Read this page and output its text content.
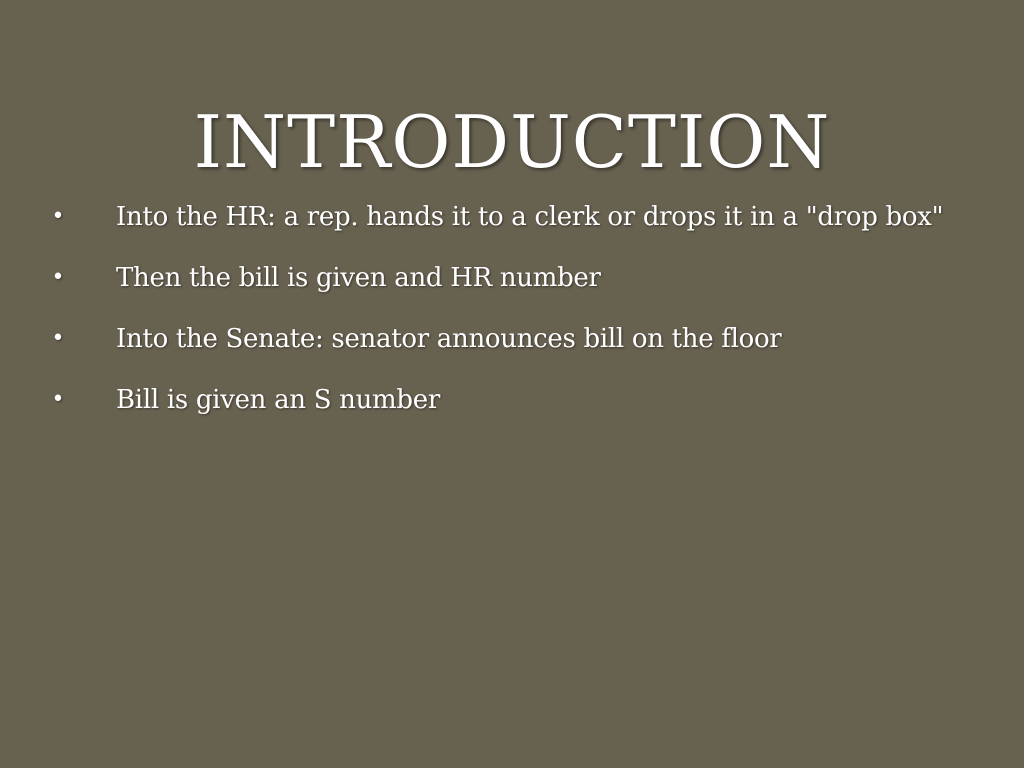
INTRODUCTION
• Into the HR: a rep. hands it to a clerk or drops it in a "drop box"
• Then the bill is given and HR number
• Into the Senate: senator announces bill on the floor
• Bill is given an S number
